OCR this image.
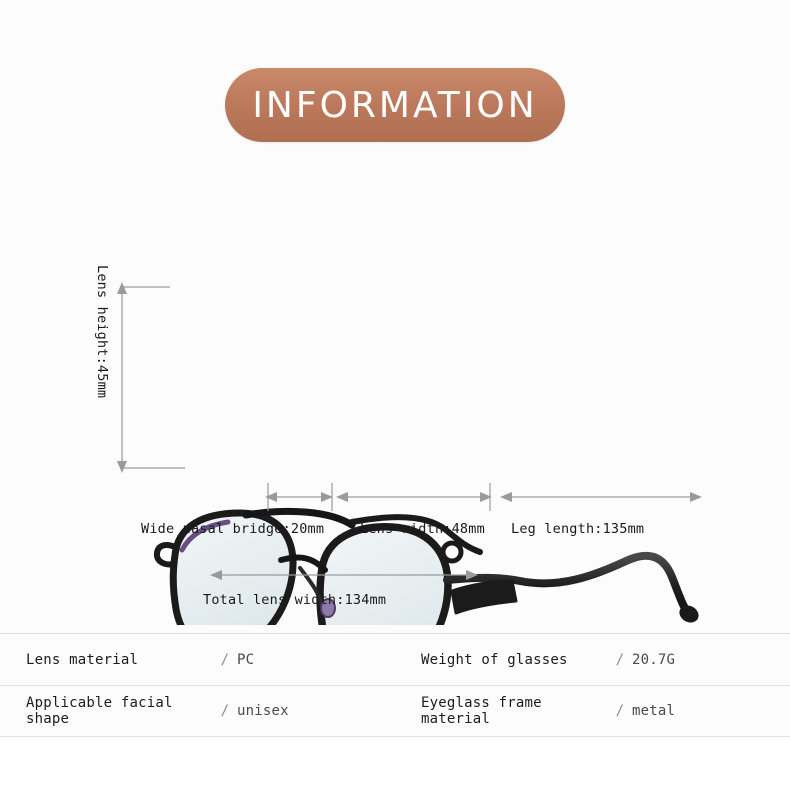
INFORMATION
Lens height:45mm
Wide nasal bridge:20mm	Lens width:48mm Leg length:135mm
Total lens width:134mm
Lens material	/ PC	Weight of glasses	/ 20.7G
Applicable facial shape	/ unisex	Eyeglass frame material	/ metal
